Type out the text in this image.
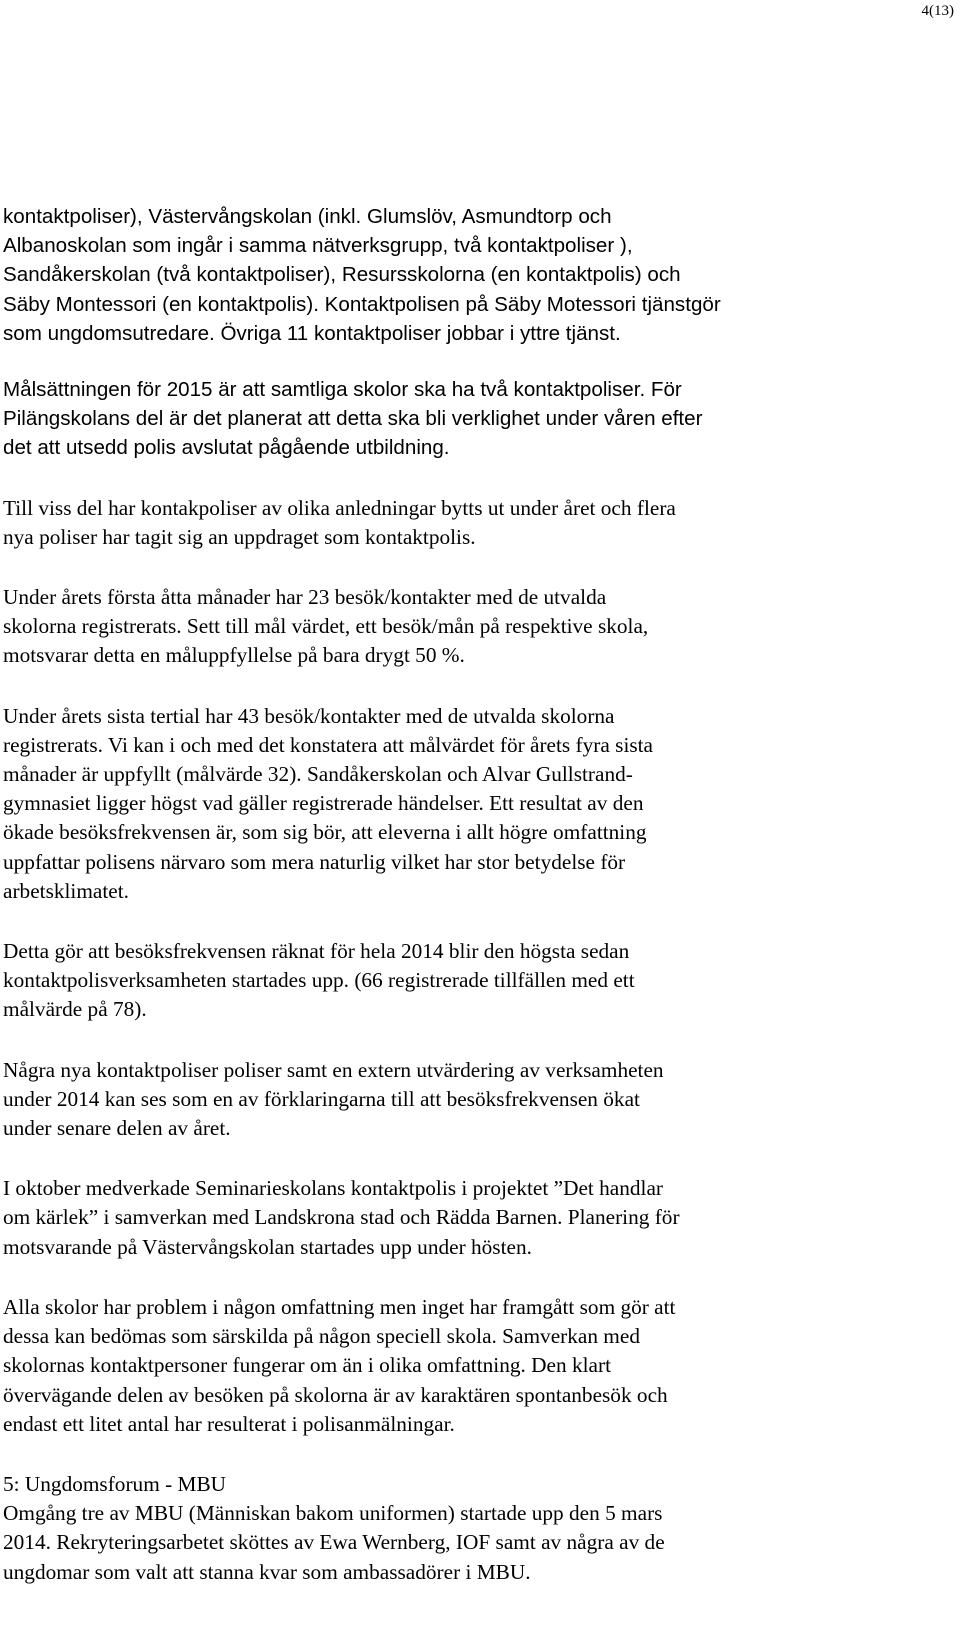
4(13)

kontaktpoliser), Västervångskolan (inkl. Glumslöv, Asmundtorp och
Albanoskolan som ingår i samma nätverksgrupp, två kontaktpoliser ),
Sandåkerskolan (två kontaktpoliser), Resursskolorna (en kontaktpolis) och
Säby Montessori (en kontaktpolis). Kontaktpolisen på Säby Motessori tjänstgör
som ungdomsutredare. Övriga 11 kontaktpoliser jobbar i yttre tjänst.

Målsättningen för 2015 är att samtliga skolor ska ha två kontaktpoliser. För
Pilängskolans del är det planerat att detta ska bli verklighet under våren efter
det att utsedd polis avslutat pågående utbildning.

Till viss del har kontakpoliser av olika anledningar bytts ut under året och flera
nya poliser har tagit sig an uppdraget som kontaktpolis.

Under årets första åtta månader har 23 besök/kontakter med de utvalda
skolorna registrerats. Sett till mål värdet, ett besök/mån på respektive skola,
motsvarar detta en måluppfyllelse på bara drygt 50 %.

Under årets sista tertial har 43 besök/kontakter med de utvalda skolorna
registrerats. Vi kan i och med det konstatera att målvärdet för årets fyra sista
månader är uppfyllt (målvärde 32). Sandåkerskolan och Alvar Gullstrand-
gymnasiet ligger högst vad gäller registrerade händelser. Ett resultat av den
ökade besöksfrekvensen är, som sig bör, att eleverna i allt högre omfattning
uppfattar polisens närvaro som mera naturlig vilket har stor betydelse för
arbetsklimatet.

Detta gör att besöksfrekvensen räknat för hela 2014 blir den högsta sedan
kontaktpolisverksamheten startades upp. (66 registrerade tillfällen med ett
målvärde på 78).

Några nya kontaktpoliser poliser samt en extern utvärdering av verksamheten
under 2014 kan ses som en av förklaringarna till att besöksfrekvensen ökat
under senare delen av året.

I oktober medverkade Seminarieskolans kontaktpolis i projektet ”Det handlar
om kärlek” i samverkan med Landskrona stad och Rädda Barnen. Planering för
motsvarande på Västervångskolan startades upp under hösten.

Alla skolor har problem i någon omfattning men inget har framgått som gör att
dessa kan bedömas som särskilda på någon speciell skola. Samverkan med
skolornas kontaktpersoner fungerar om än i olika omfattning. Den klart
övervägande delen av besöken på skolorna är av karaktären spontanbesök och
endast ett litet antal har resulterat i polisanmälningar.

5: Ungdomsforum - MBU
Omgång tre av MBU (Människan bakom uniformen) startade upp den 5 mars
2014. Rekryteringsarbetet sköttes av Ewa Wernberg, IOF samt av några av de
ungdomar som valt att stanna kvar som ambassadörer i MBU.
